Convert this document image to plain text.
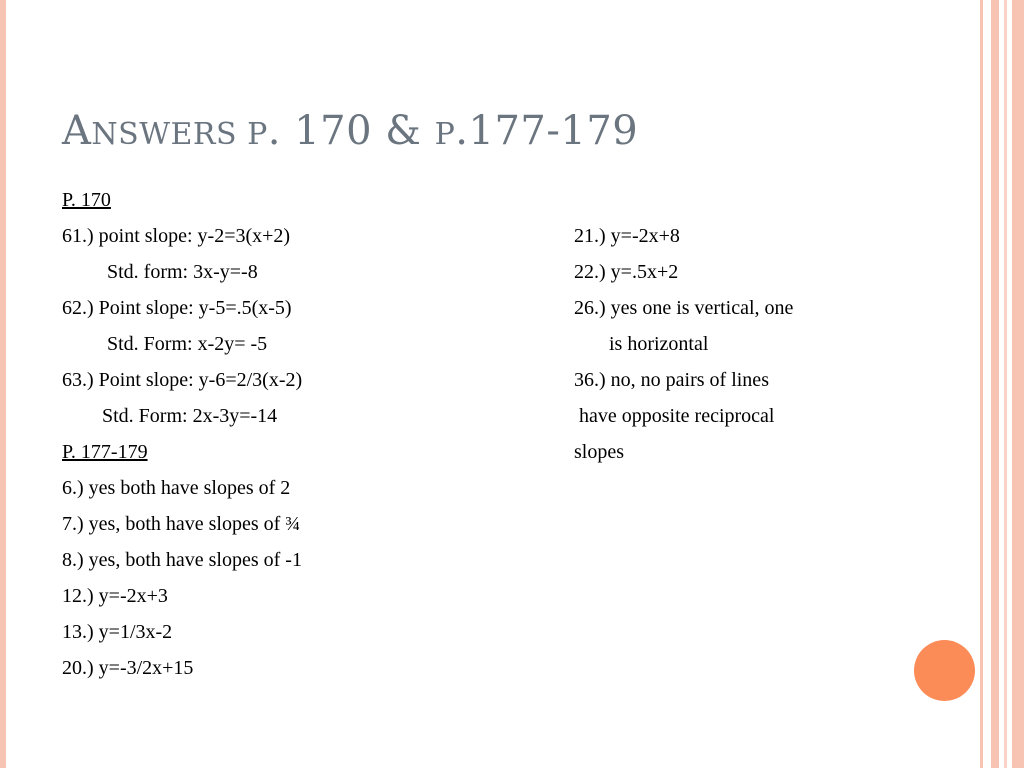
ANSWERS P. 170 & P.177-179
P. 170
61.) point slope: y-2=3(x+2)
Std. form: 3x-y=-8
62.) Point slope: y-5=.5(x-5)
Std. Form: x-2y= -5
63.) Point slope: y-6=2/3(x-2)
Std. Form: 2x-3y=-14
P. 177-179
6.) yes both have slopes of 2
7.) yes, both have slopes of ¾
8.) yes, both have slopes of -1
12.) y=-2x+3
13.) y=1/3x-2
20.) y=-3/2x+15
21.) y=-2x+8
22.) y=.5x+2
26.) yes one is vertical, one
is horizontal
36.) no, no pairs of lines
have opposite reciprocal
slopes
